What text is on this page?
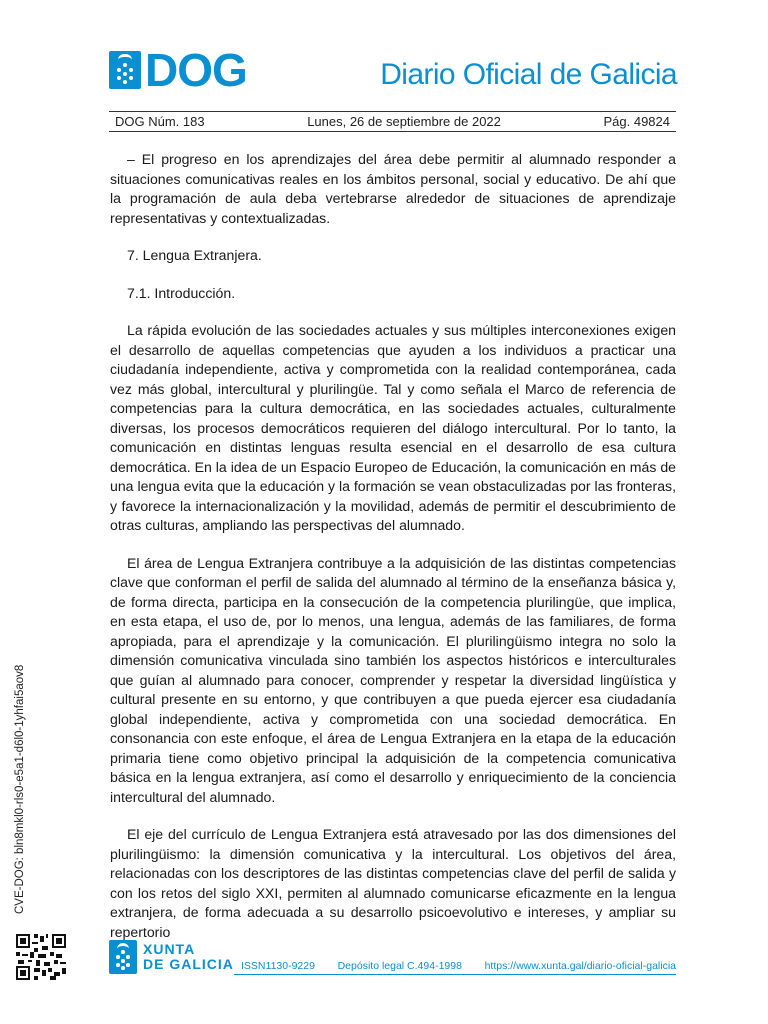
DOG	Diario Oficial de Galicia
DOG Núm. 183	Lunes, 26 de septiembre de 2022	Pág. 49824

– El progreso en los aprendizajes del área debe permitir al alumnado responder a situaciones comunicativas reales en los ámbitos personal, social y educativo. De ahí que la programación de aula deba vertebrarse alrededor de situaciones de aprendizaje representativas y contextualizadas.

7. Lengua Extranjera.

7.1. Introducción.

La rápida evolución de las sociedades actuales y sus múltiples interconexiones exigen el desarrollo de aquellas competencias que ayuden a los individuos a practicar una ciudadanía independiente, activa y comprometida con la realidad contemporánea, cada vez más global, intercultural y plurilingüe. Tal y como señala el Marco de referencia de competencias para la cultura democrática, en las sociedades actuales, culturalmente diversas, los procesos democráticos requieren del diálogo intercultural. Por lo tanto, la comunicación en distintas lenguas resulta esencial en el desarrollo de esa cultura democrática. En la idea de un Espacio Europeo de Educación, la comunicación en más de una lengua evita que la educación y la formación se vean obstaculizadas por las fronteras, y favorece la internacionalización y la movilidad, además de permitir el descubrimiento de otras culturas, ampliando las perspectivas del alumnado.

El área de Lengua Extranjera contribuye a la adquisición de las distintas competencias clave que conforman el perfil de salida del alumnado al término de la enseñanza básica y, de forma directa, participa en la consecución de la competencia plurilingüe, que implica, en esta etapa, el uso de, por lo menos, una lengua, además de las familiares, de forma apropiada, para el aprendizaje y la comunicación. El plurilingüismo integra no solo la dimensión comunicativa vinculada sino también los aspectos históricos e interculturales que guían al alumnado para conocer, comprender y respetar la diversidad lingüística y cultural presente en su entorno, y que contribuyen a que pueda ejercer esa ciudadanía global independiente, activa y comprometida con una sociedad democrática. En consonancia con este enfoque, el área de Lengua Extranjera en la etapa de la educación primaria tiene como objetivo principal la adquisición de la competencia comunicativa básica en la lengua extranjera, así como el desarrollo y enriquecimiento de la conciencia intercultural del alumnado.

El eje del currículo de Lengua Extranjera está atravesado por las dos dimensiones del plurilingüismo: la dimensión comunicativa y la intercultural. Los objetivos del área, relacionadas con los descriptores de las distintas competencias clave del perfil de salida y con los retos del siglo XXI, permiten al alumnado comunicarse eficazmente en la lengua extranjera, de forma adecuada a su desarrollo psicoevolutivo e intereses, y ampliar su repertorio

CVE-DOG: bln8mkl0-rls0-e5a1-d6l0-1yhfai5aov8
XUNTA
DE GALICIA ISSN1130-9229 Depósito legal C.494-1998 https://www.xunta.gal/diario-oficial-galicia
